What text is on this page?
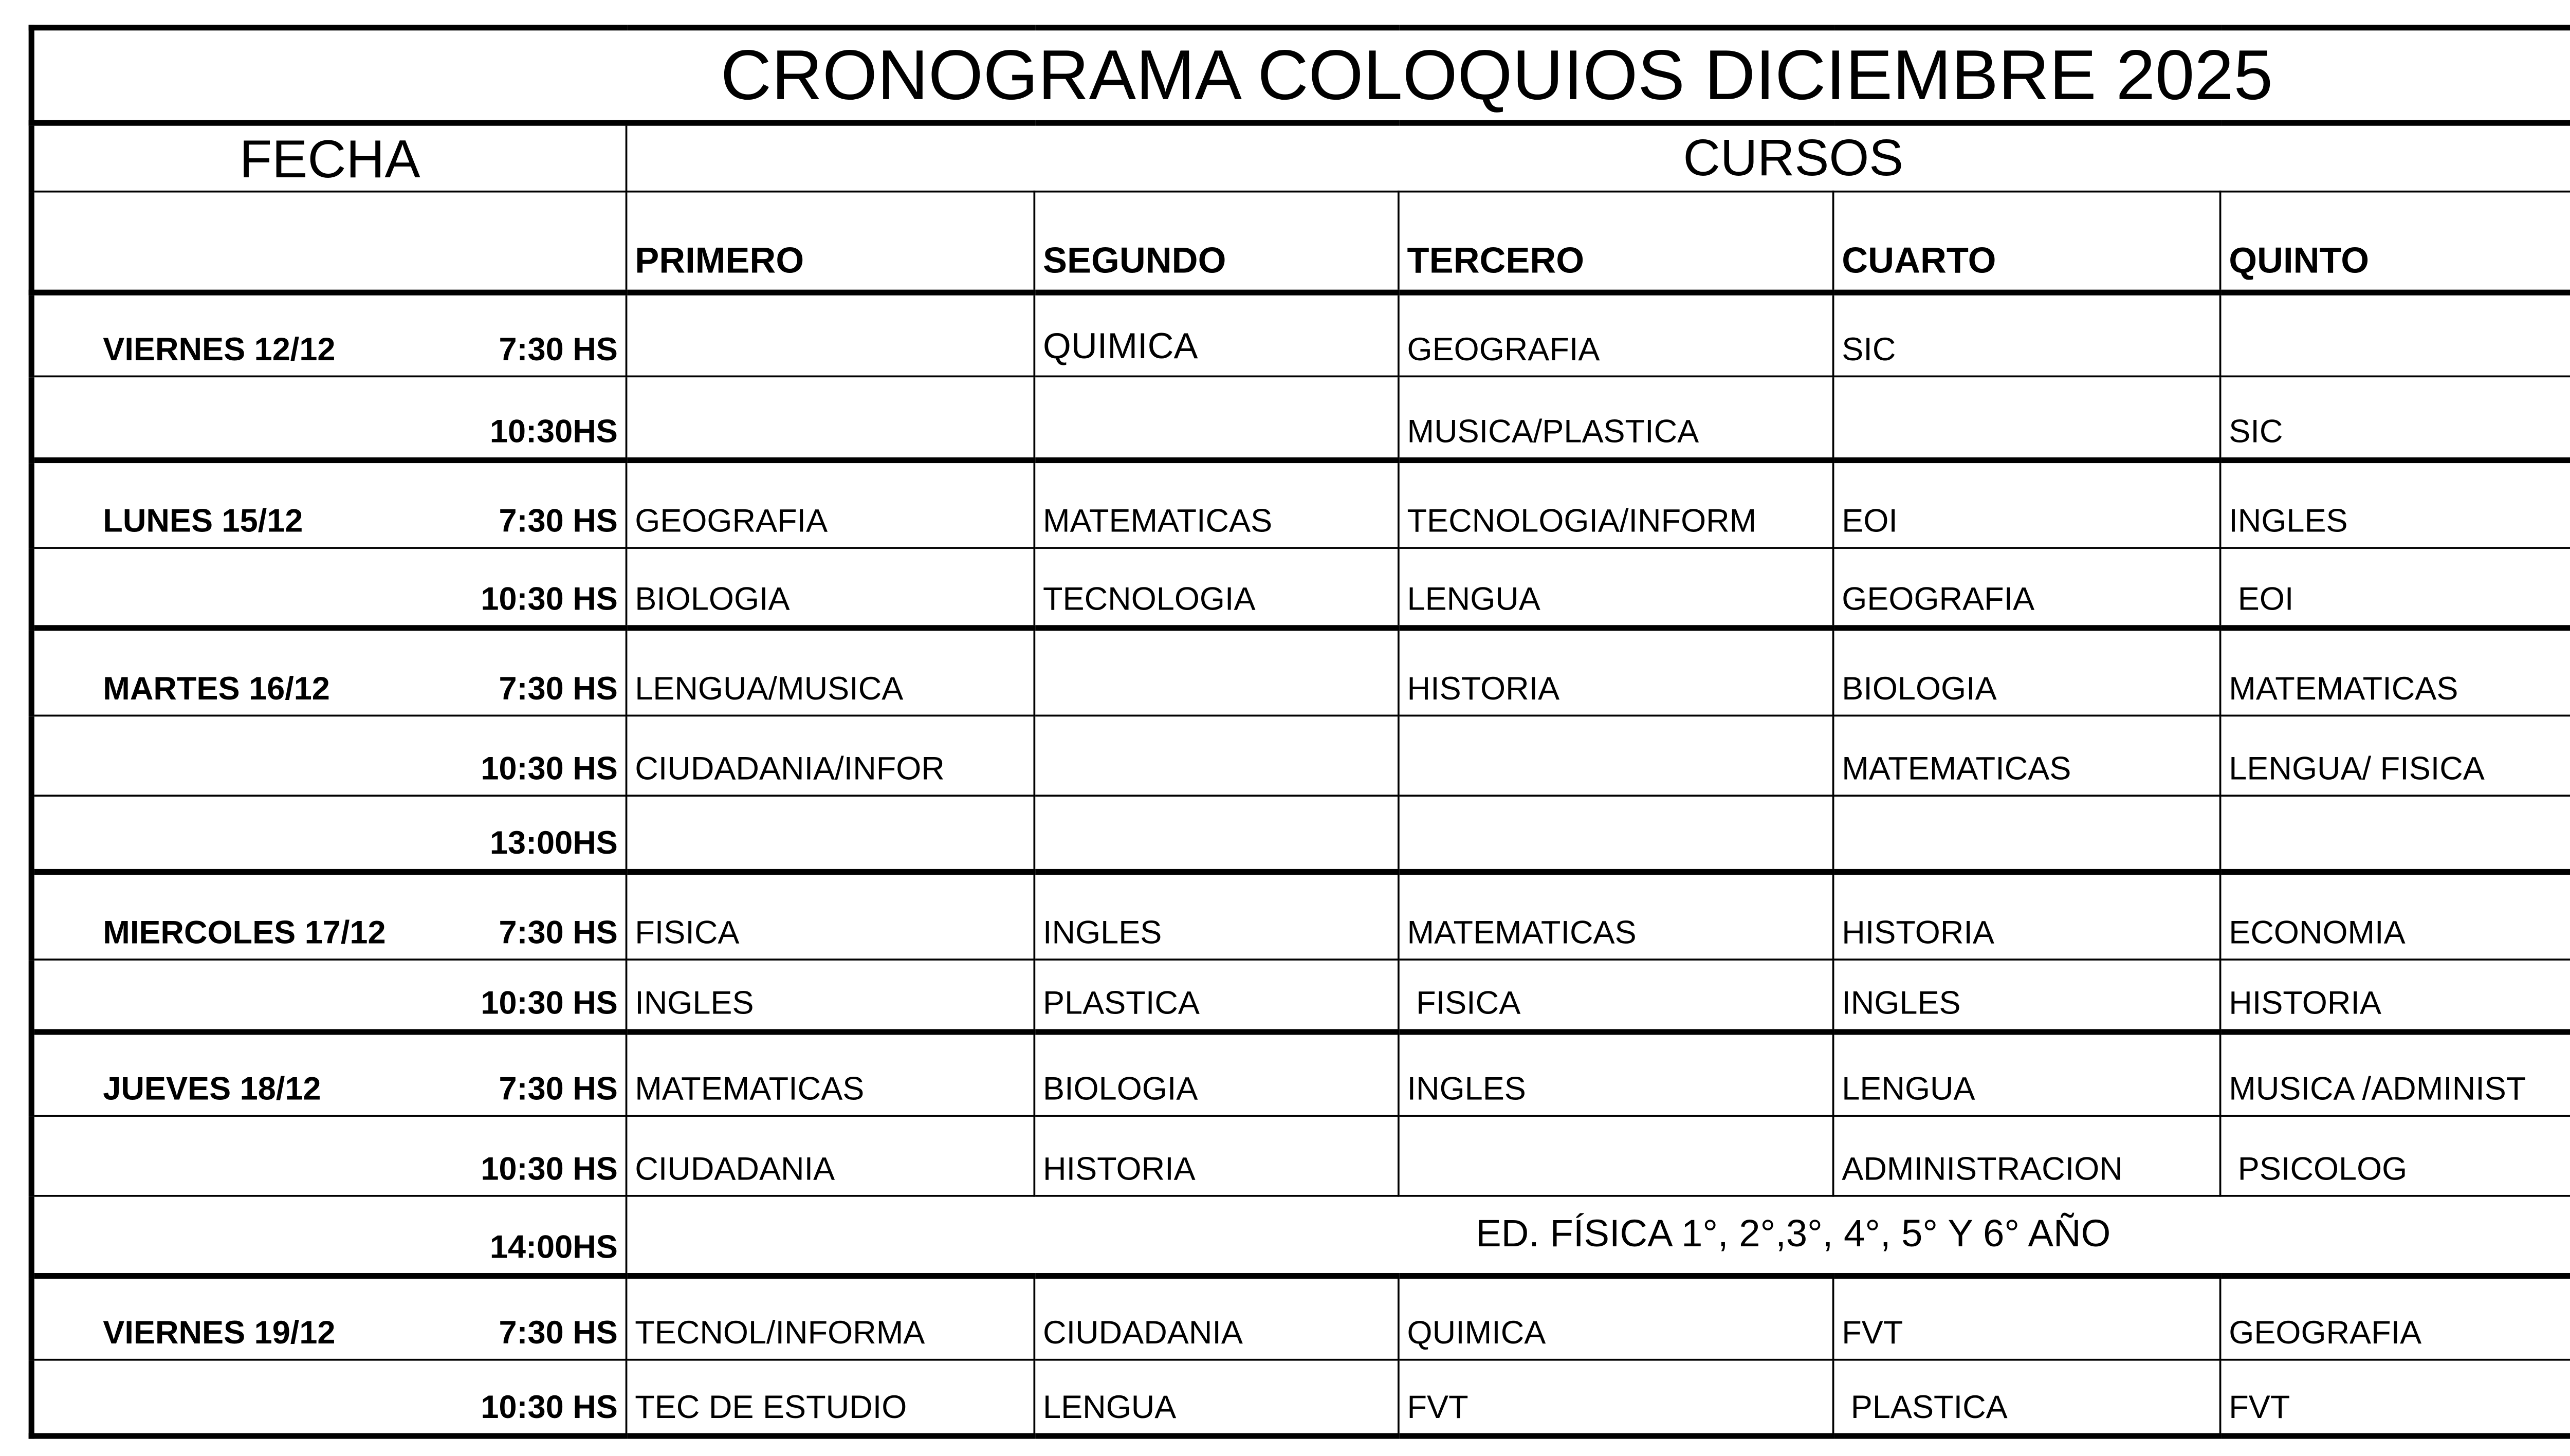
CRONOGRAMA COLOQUIOS DICIEMBRE 2025						
FECHA	CURSOS					
	PRIMERO	SEGUNDO	TERCERO	CUARTO	QUINTO	

VIERNES 12/12 7:30 HS		QUIMICA	GEOGRAFIA	SIC		

10:30HS			MUSICA/PLASTICA		SIC	

LUNES 15/12 7:30 HS	GEOGRAFIA	MATEMATICAS	TECNOLOGIA/INFORM	EOI	INGLES	

10:30 HS	BIOLOGIA	TECNOLOGIA	LENGUA	GEOGRAFIA	EOI	

MARTES 16/12 7:30 HS	LENGUA/MUSICA		HISTORIA	BIOLOGIA	MATEMATICAS	

10:30 HS	CIUDADANIA/INFOR			MATEMATICAS	LENGUA/ FISICA	

13:00HS

MIERCOLES 17/12 7:30 HS	FISICA	INGLES	MATEMATICAS	HISTORIA	ECONOMIA	

10:30 HS	INGLES	PLASTICA	FISICA	INGLES	HISTORIA	

JUEVES 18/12 7:30 HS	MATEMATICAS	BIOLOGIA	INGLES	LENGUA	MUSICA /ADMINIST	

10:30 HS	CIUDADANIA	HISTORIA		ADMINISTRACION	PSICOLOG	

14:00HS	ED. FÍSICA 1°, 2°,3°, 4°, 5° Y 6° AÑO					

VIERNES 19/12 7:30 HS	TECNOL/INFORMA	CIUDADANIA	QUIMICA	FVT	GEOGRAFIA	

10:30 HS	TEC DE ESTUDIO	LENGUA	FVT	PLASTICA	FVT	
